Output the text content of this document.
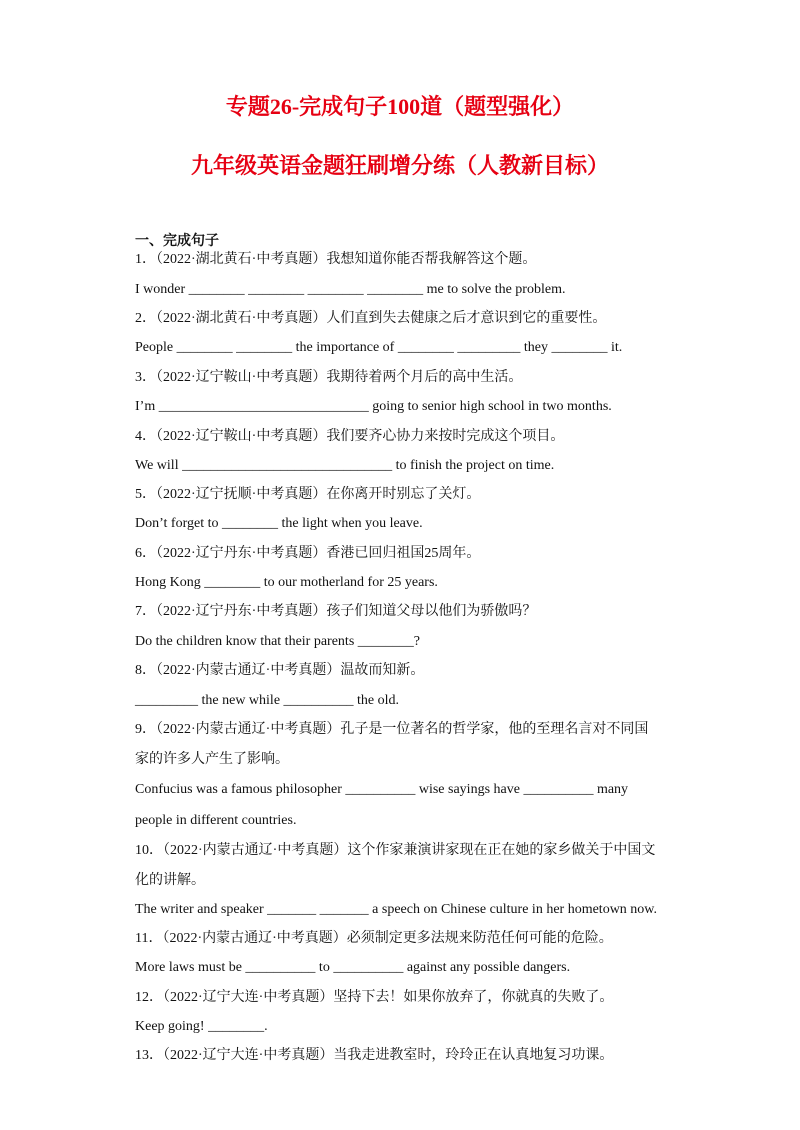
专题26-完成句子100道（题型强化）
九年级英语金题狂刷增分练（人教新目标）
一、完成句子
1．（2022·湖北黄石·中考真题）我想知道你能否帮我解答这个题。
I wonder ________ ________ ________ ________ me to solve the problem.
2．（2022·湖北黄石·中考真题）人们直到失去健康之后才意识到它的重要性。
People ________ ________ the importance of ________ _________ they ________ it.
3．（2022·辽宁鞍山·中考真题）我期待着两个月后的高中生活。
I’m ______________________________ going to senior high school in two months.
4．（2022·辽宁鞍山·中考真题）我们要齐心协力来按时完成这个项目。
We will ______________________________ to finish the project on time.
5．（2022·辽宁抚顺·中考真题）在你离开时别忘了关灯。
Don’t forget to ________ the light when you leave.
6．（2022·辽宁丹东·中考真题）香港已回归祖国25周年。
Hong Kong ________ to our motherland for 25 years.
7．（2022·辽宁丹东·中考真题）孩子们知道父母以他们为骄傲吗？
Do the children know that their parents ________?
8．（2022·内蒙古通辽·中考真题）温故而知新。
_________ the new while __________ the old.
9．（2022·内蒙古通辽·中考真题）孔子是一位著名的哲学家，他的至理名言对不同国
家的许多人产生了影响。
Confucius was a famous philosopher __________ wise sayings have __________ many
people in different countries.
10．（2022·内蒙古通辽·中考真题）这个作家兼演讲家现在正在她的家乡做关于中国文
化的讲解。
The writer and speaker _______ _______ a speech on Chinese culture in her hometown now.
11．（2022·内蒙古通辽·中考真题）必须制定更多法规来防范任何可能的危险。
More laws must be __________ to __________ against any possible dangers.
12．（2022·辽宁大连·中考真题）坚持下去！如果你放弃了，你就真的失败了。
Keep going! ________.
13．（2022·辽宁大连·中考真题）当我走进教室时，玲玲正在认真地复习功课。
